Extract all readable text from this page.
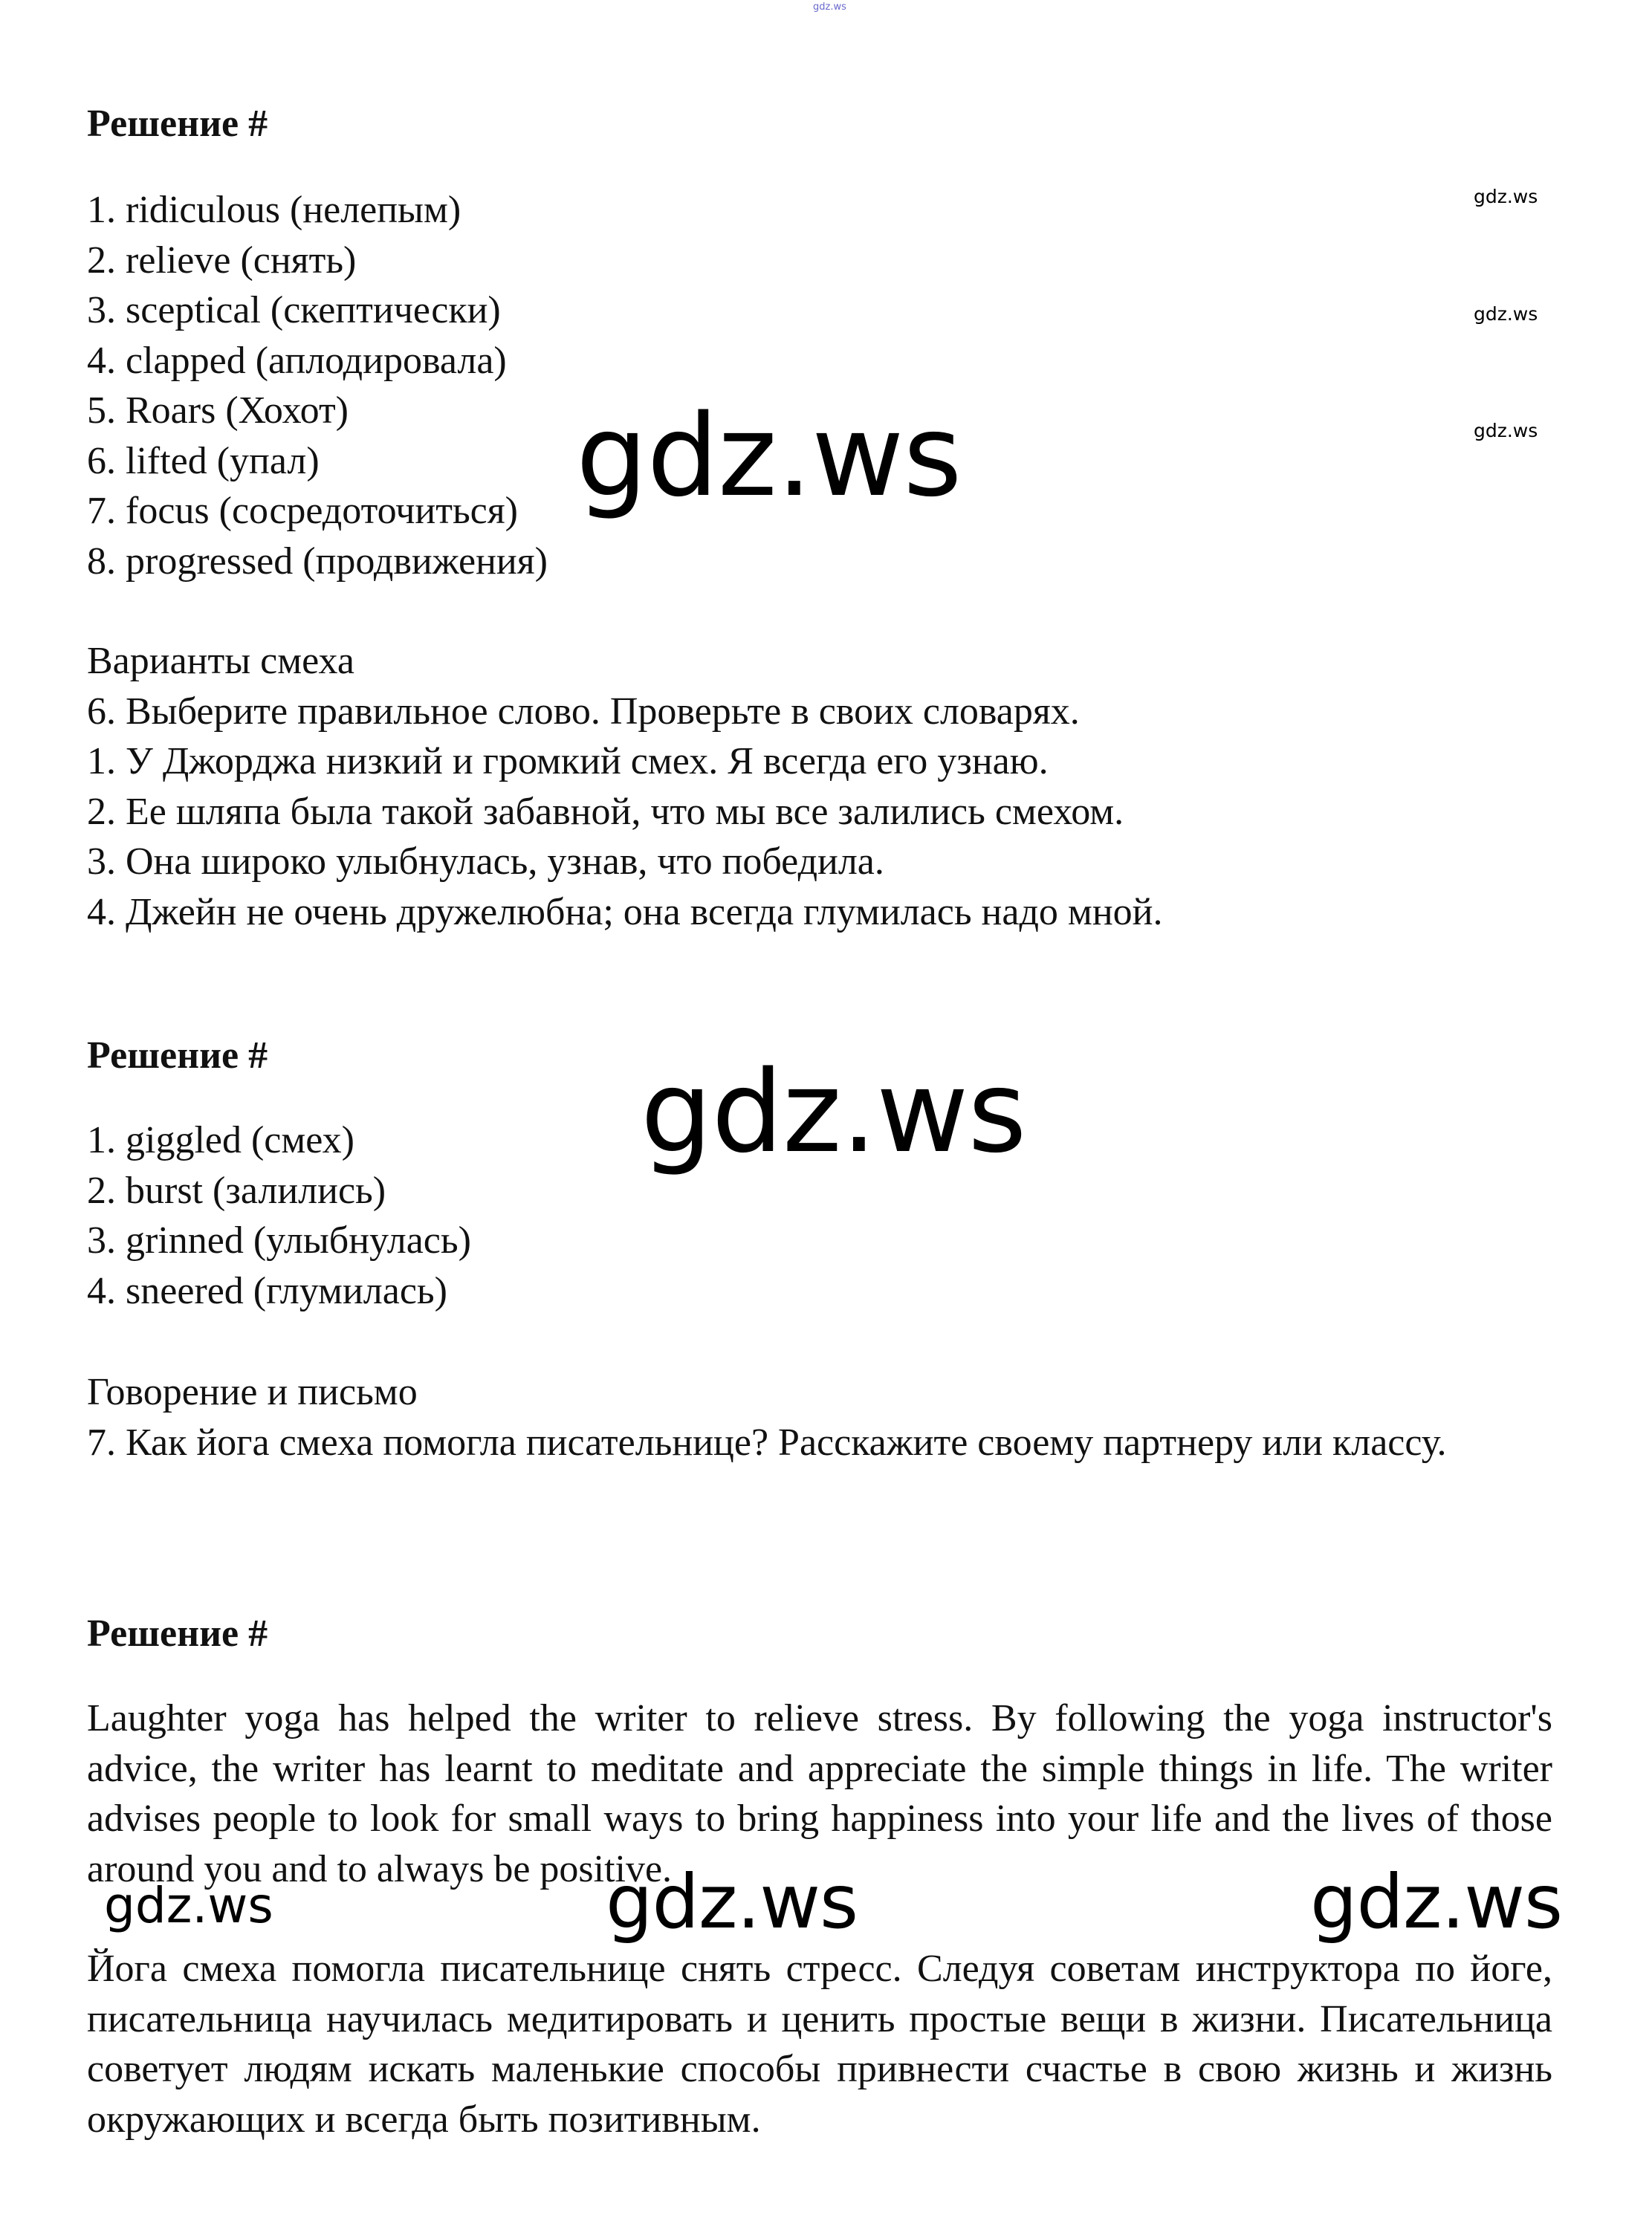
gdz.ws

Решение #

1. ridiculous (нелепым)
2. relieve (снять)
3. sceptical (скептически)
4. clapped (аплодировала)
5. Roars (Хохот)
6. lifted (упал)
7. focus (сосредоточиться)
8. progressed (продвижения)
Варианты смеха
6. Выберите правильное слово. Проверьте в своих словарях.
1. У Джорджа низкий и громкий смех. Я всегда его узнаю.
2. Ее шляпа была такой забавной, что мы все залились смехом.
3. Она широко улыбнулась, узнав, что победила.
4. Джейн не очень дружелюбна; она всегда глумилась надо мной.

Решение #

1. giggled (смех)
2. burst (залились)
3. grinned (улыбнулась)
4. sneered (глумилась)
Говорение и письмо

7. Как йога смеха помогла писательнице? Расскажите своему партнеру или классу.

Решение #

Laughter yoga has helped the writer to relieve stress. By following the yoga instructor's advice, the writer has learnt to meditate and appreciate the simple things in life. The writer advises people to look for small ways to bring happiness into your life and the lives of those around you and to always be positive.

Йога смеха помогла писательнице снять стресс. Следуя советам инструктора по йоге, писательница научилась медитировать и ценить простые вещи в жизни. Писательница советует людям искать маленькие способы привнести счастье в свою жизнь и жизнь окружающих и всегда быть позитивным.

gdz.ws
gdz.ws
gdz.ws
gdz.ws
gdz.ws
gdz.ws	gdz.ws	gdz.ws
